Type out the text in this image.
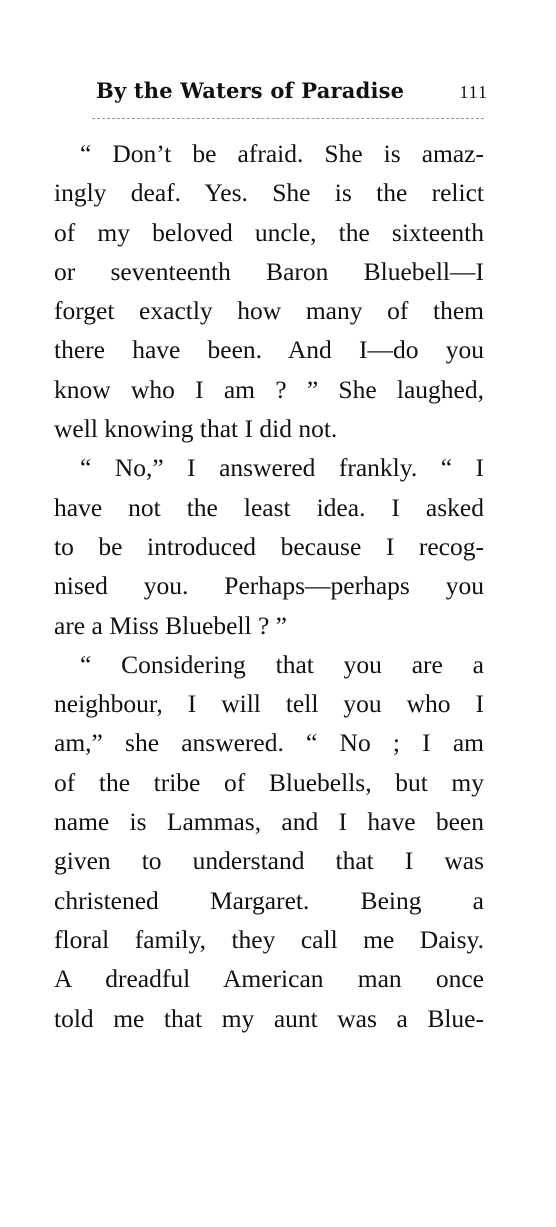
By the Waters of Paradise	111
“ Don’t be afraid. She is amaz-
ingly deaf. Yes. She is the relict
of my beloved uncle, the sixteenth
or seventeenth Baron Bluebell—I
forget exactly how many of them
there have been. And I—do you
know who I am ? ” She laughed,
well knowing that I did not.
“ No,” I answered frankly. “ I
have not the least idea. I asked
to be introduced because I recog-
nised you. Perhaps—perhaps you
are a Miss Bluebell ? ”
“ Considering that you are a
neighbour, I will tell you who I
am,” she answered. “ No ; I am
of the tribe of Bluebells, but my
name is Lammas, and I have been
given to understand that I was
christened Margaret. Being a
floral family, they call me Daisy.
A dreadful American man once
told me that my aunt was a Blue-
